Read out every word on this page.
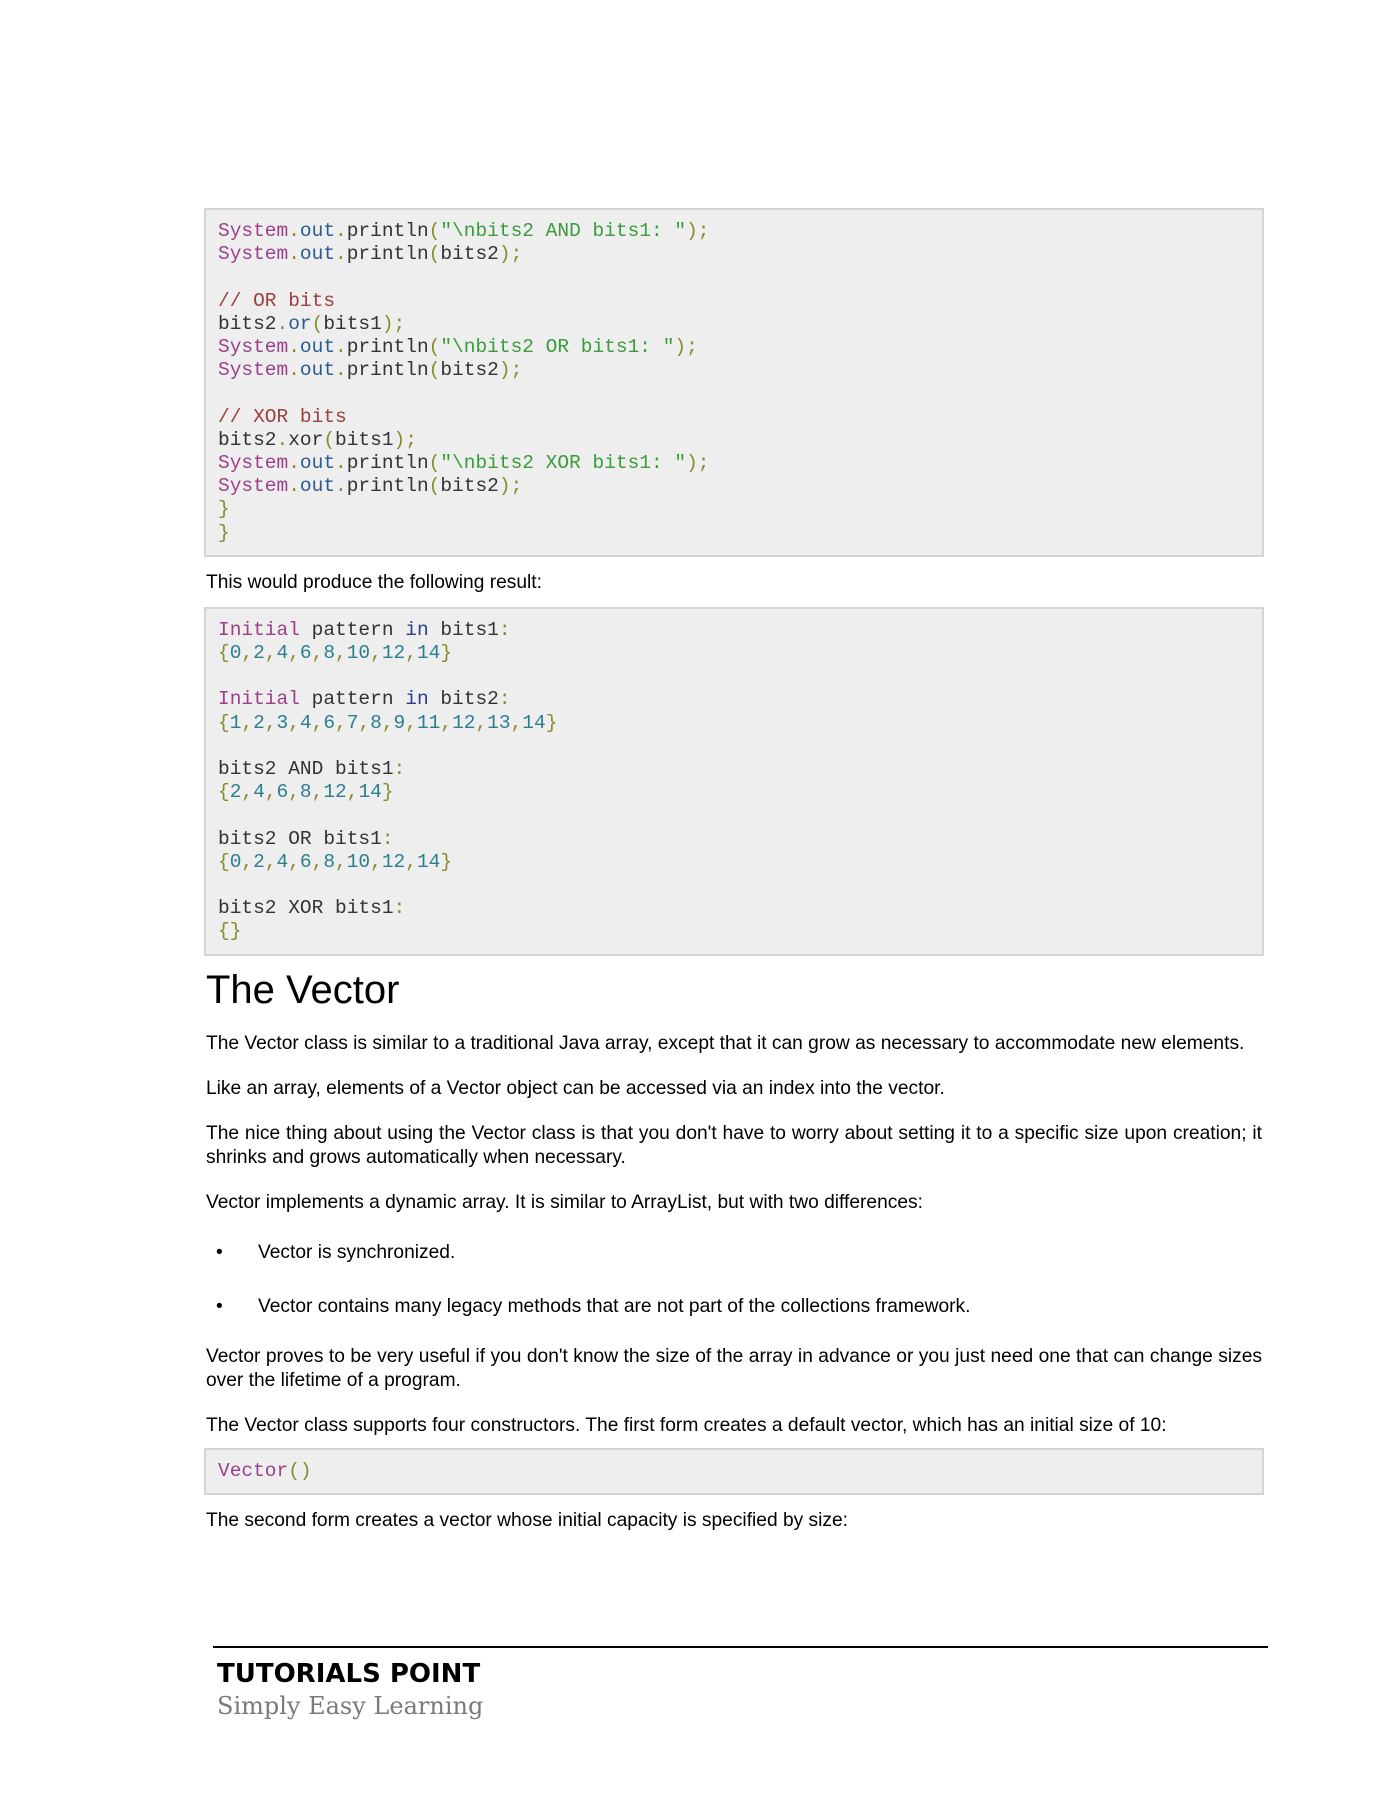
System.out.println("\nbits2 AND bits1: ");
System.out.println(bits2);
// OR bits
bits2.or(bits1);
System.out.println("\nbits2 OR bits1: ");
System.out.println(bits2);
// XOR bits
bits2.xor(bits1);
System.out.println("\nbits2 XOR bits1: ");
System.out.println(bits2);
}
}

This would produce the following result:

Initial pattern in bits1:
{0,2,4,6,8,10,12,14}
Initial pattern in bits2:
{1,2,3,4,6,7,8,9,11,12,13,14}
bits2 AND bits1:
{2,4,6,8,12,14}
bits2 OR bits1:
{0,2,4,6,8,10,12,14}
bits2 XOR bits1:
{}
The Vector

The Vector class is similar to a traditional Java array, except that it can grow as necessary to accommodate new elements.

Like an array, elements of a Vector object can be accessed via an index into the vector.

The nice thing about using the Vector class is that you don't have to worry about setting it to a specific size upon creation; it shrinks and grows automatically when necessary.

Vector implements a dynamic array. It is similar to ArrayList, but with two differences:

• Vector is synchronized.
• Vector contains many legacy methods that are not part of the collections framework.

Vector proves to be very useful if you don't know the size of the array in advance or you just need one that can change sizes over the lifetime of a program.

The Vector class supports four constructors. The first form creates a default vector, which has an initial size of 10:

Vector()

The second form creates a vector whose initial capacity is specified by size:

TUTORIALS POINT
Simply Easy Learning
